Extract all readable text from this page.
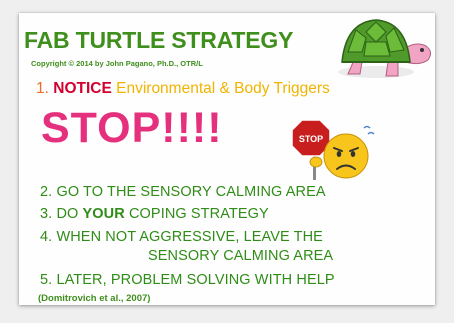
FAB TURTLE STRATEGY
Copyright © 2014 by John Pagano, Ph.D., OTR/L
1. NOTICE Environmental & Body Triggers
STOP!!!!	STOP
2. GO TO THE SENSORY CALMING AREA
3. DO YOUR COPING STRATEGY
4. WHEN NOT AGGRESSIVE, LEAVE THE
SENSORY CALMING AREA
5. LATER, PROBLEM SOLVING WITH HELP
(Domitrovich et al., 2007)
